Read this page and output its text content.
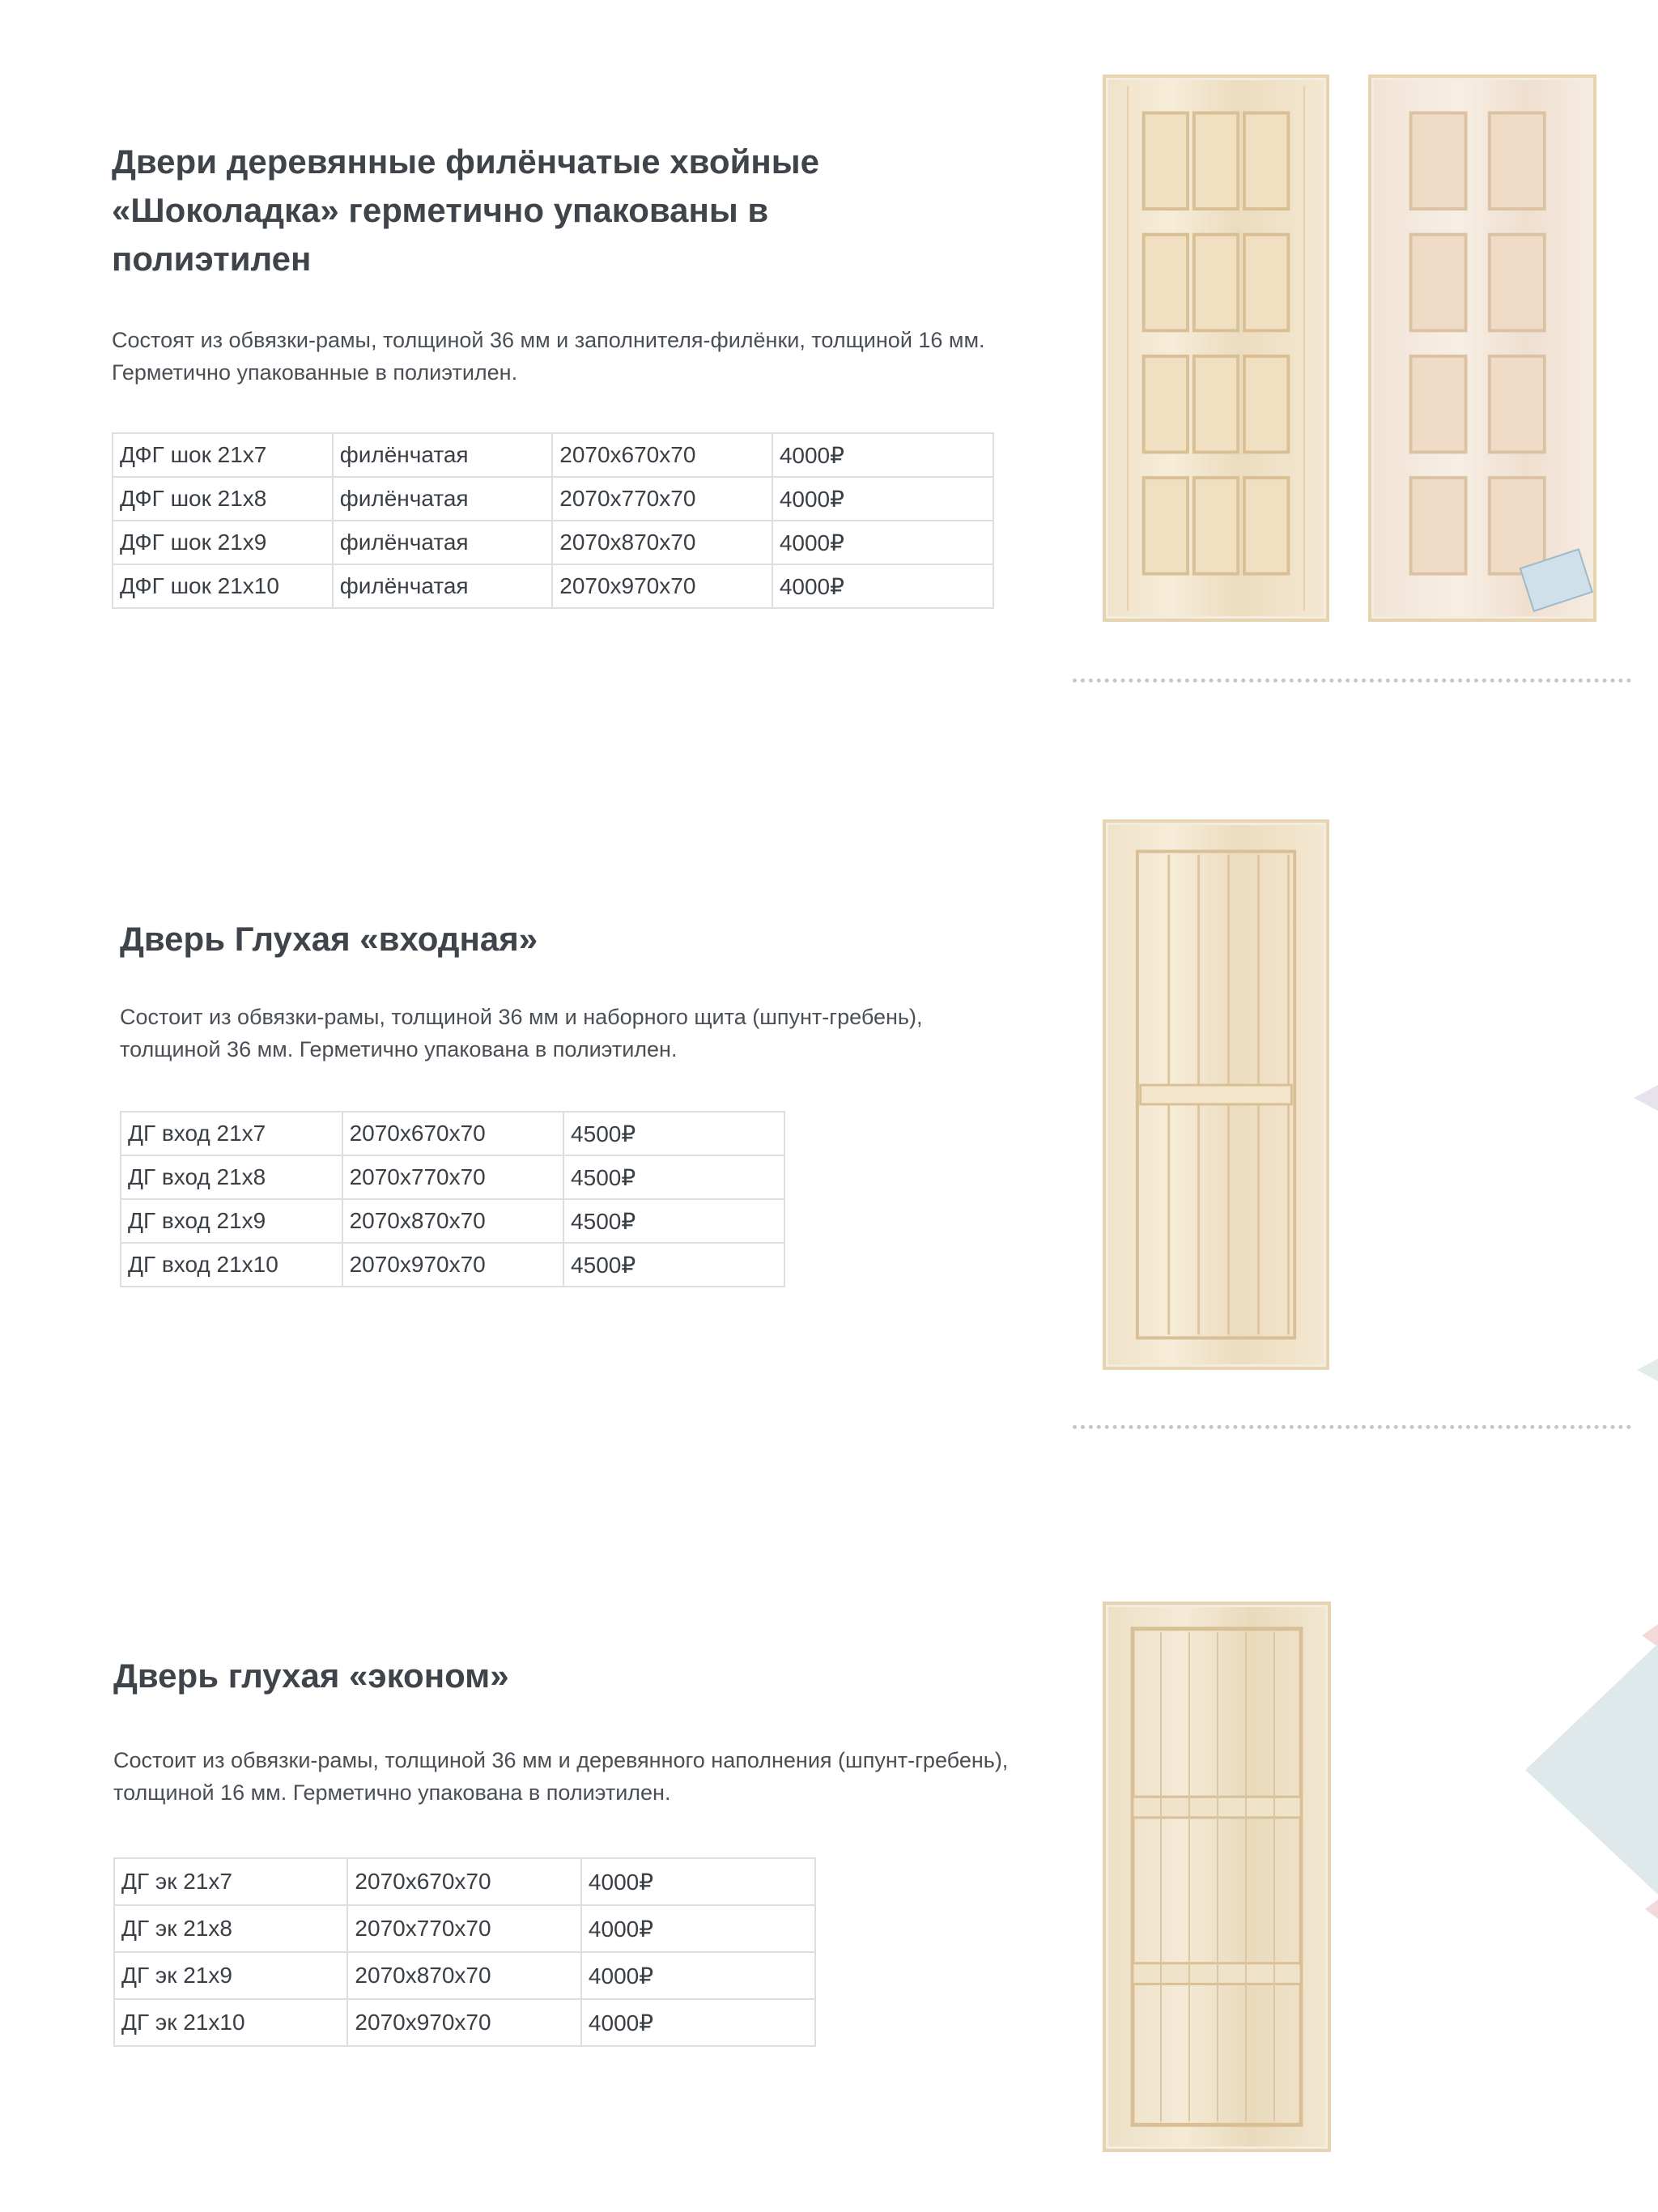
Двери деревянные филёнчатые хвойные «Шоколадка» герметично упакованы в полиэтилен

Состоят из обвязки-рамы, толщиной 36 мм и заполнителя-филёнки, толщиной 16 мм. Герметично упакованные в полиэтилен.

ДФГ шок 21х7	филёнчатая	2070х670х70	4000₽
ДФГ шок 21х8	филёнчатая	2070х770х70	4000₽
ДФГ шок 21х9	филёнчатая	2070х870х70	4000₽
ДФГ шок 21х10	филёнчатая	2070х970х70	4000₽
Дверь Глухая «входная»

Состоит из обвязки-рамы, толщиной 36 мм и наборного щита (шпунт-гребень), толщиной 36 мм. Герметично упакована в полиэтилен.

ДГ вход 21х7	2070х670х70	4500₽
ДГ вход 21х8	2070х770х70	4500₽
ДГ вход 21х9	2070х870х70	4500₽
ДГ вход 21х10	2070х970х70	4500₽
Дверь глухая «эконом»

Состоит из обвязки-рамы, толщиной 36 мм и деревянного наполнения (шпунт-гребень), толщиной 16 мм. Герметично упакована в полиэтилен.

ДГ эк 21х7	2070х670х70	4000₽
ДГ эк 21х8	2070х770х70	4000₽
ДГ эк 21х9	2070х870х70	4000₽
ДГ эк 21х10	2070х970х70	4000₽
